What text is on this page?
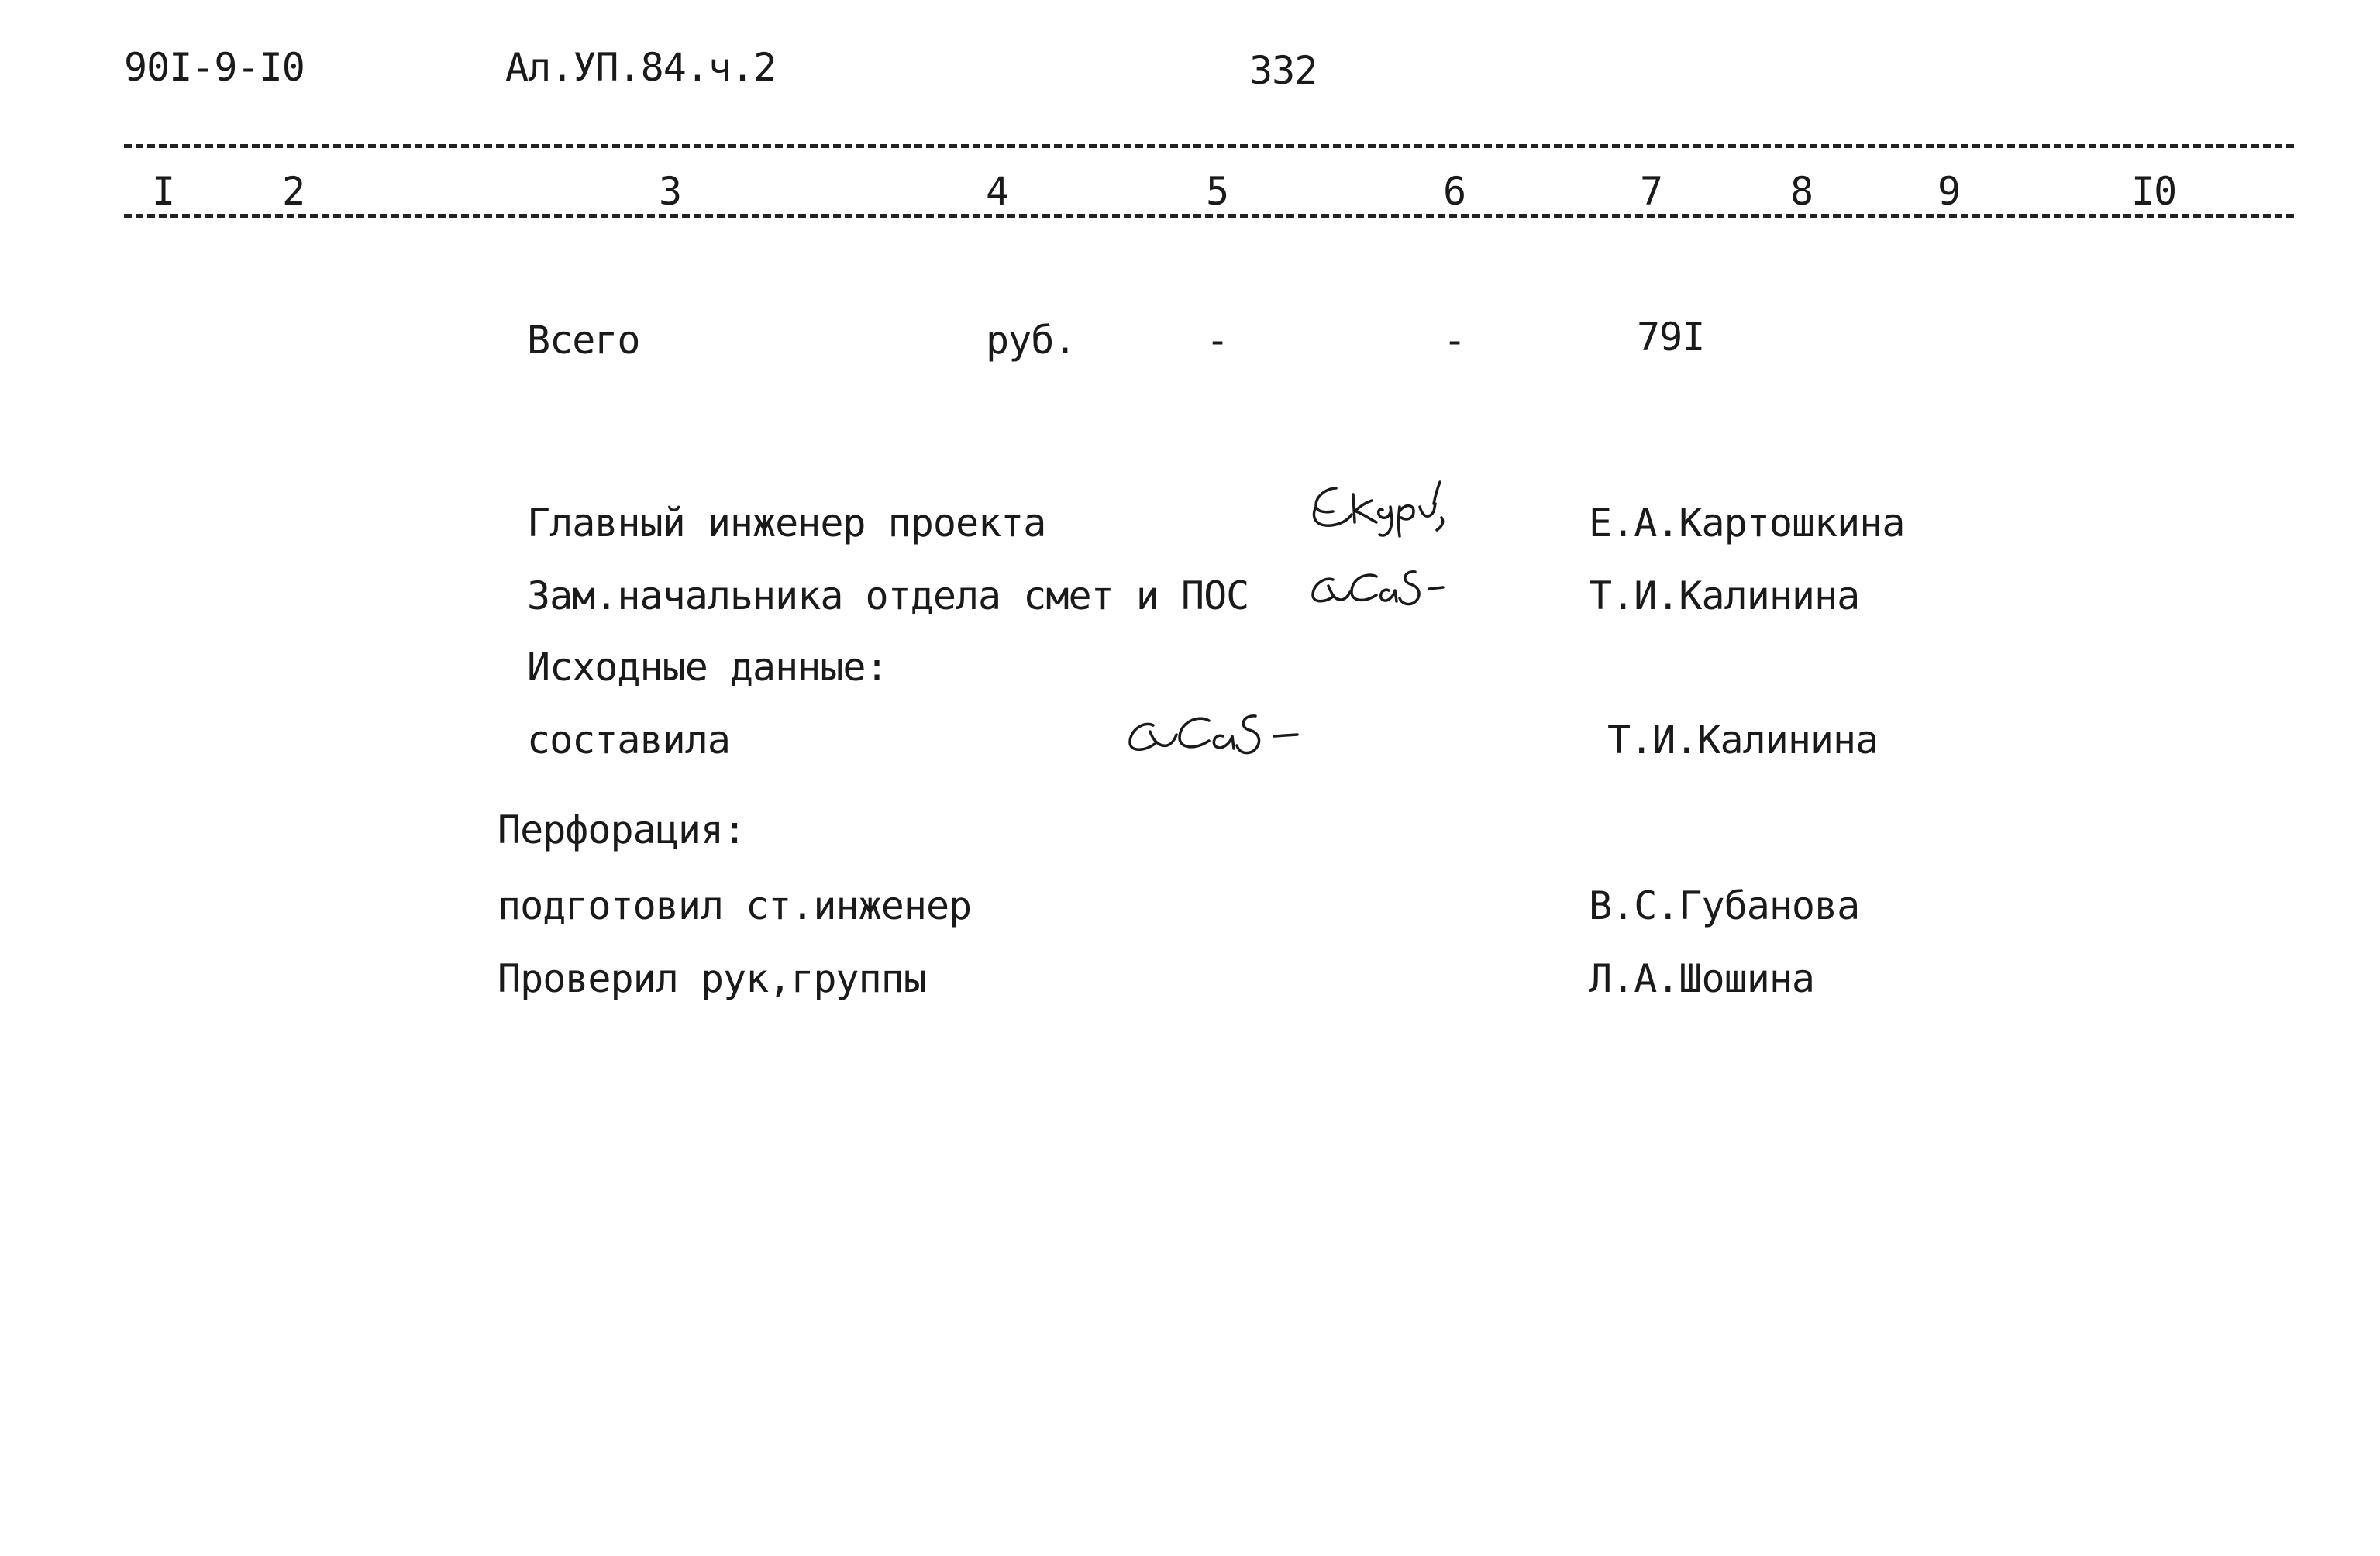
90I-9-I0	Ал.УП.84.ч.2	332
I	2	3	4	5	6	7	8	9	I0
Всего	руб.	-	-	79I
Главный инженер проекта	Е.А.Картошкина
Зам.начальника отдела смет и ПОС	Т.И.Калинина
Исходные данные:
составила	Т.И.Калинина
Перфорация:
подготовил ст.инженер	В.С.Губанова
Проверил рук,группы	Л.А.Шошина
